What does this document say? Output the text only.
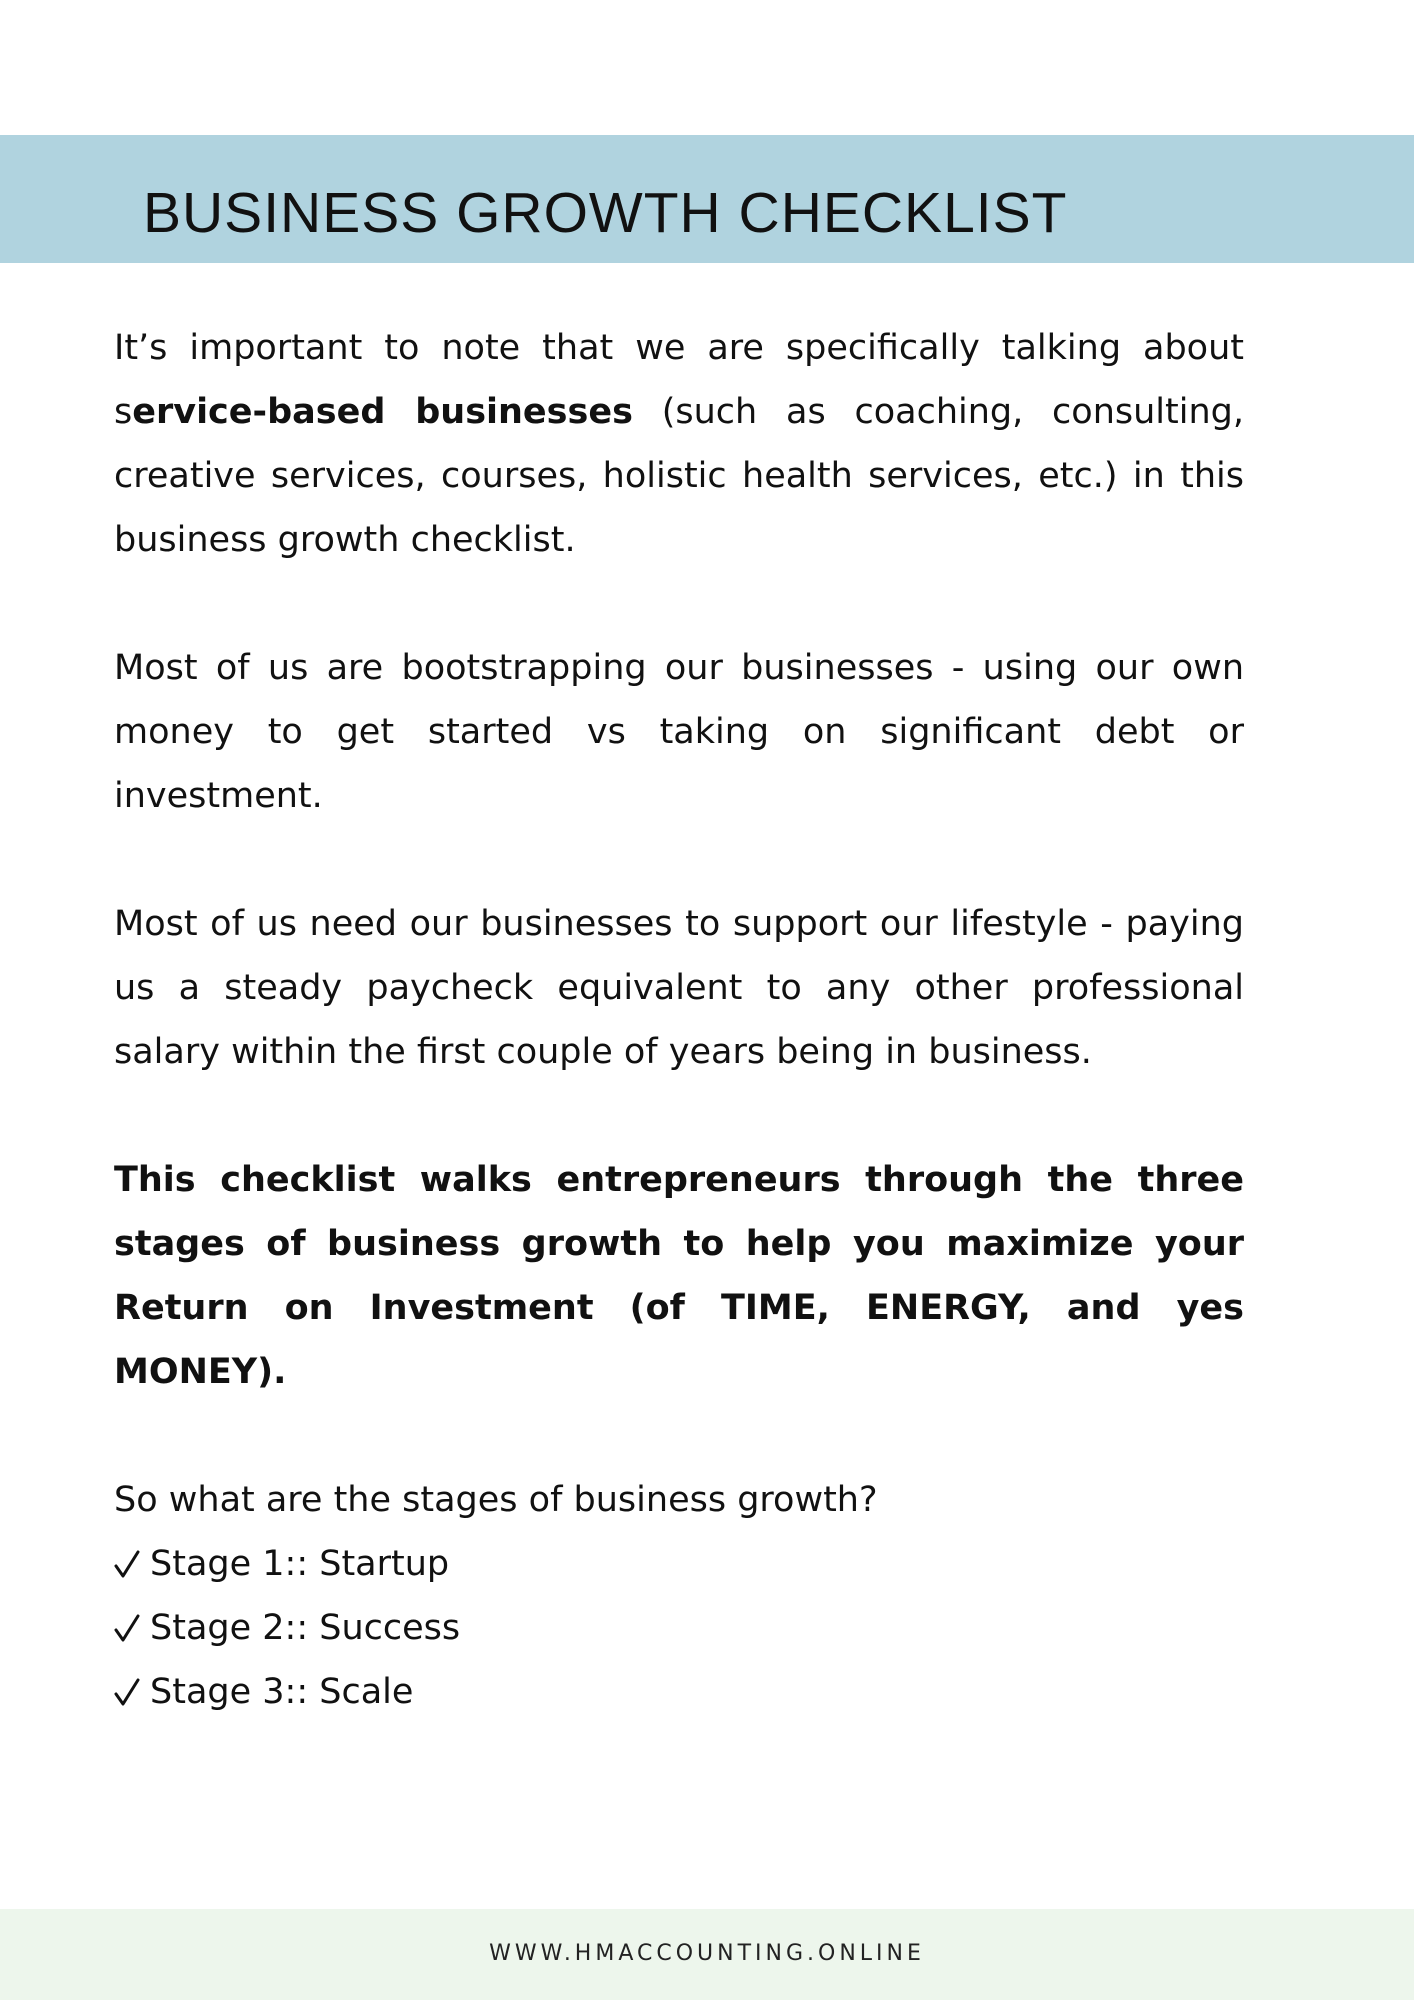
BUSINESS GROWTH CHECKLIST

It’s important to note that we are specifically talking about service-based businesses (such as coaching, consulting, creative services, courses, holistic health services, etc.) in this business growth checklist.

Most of us are bootstrapping our businesses - using our own money to get started vs taking on significant debt or investment.

Most of us need our businesses to support our lifestyle - paying us a steady paycheck equivalent to any other professional salary within the first couple of years being in business.

This checklist walks entrepreneurs through the three stages of business growth to help you maximize your Return on Investment (of TIME, ENERGY, and yes MONEY).

So what are the stages of business growth?

Stage 1:: Startup
Stage 2:: Success
Stage 3:: Scale
WWW.HMACCOUNTING.ONLINE
